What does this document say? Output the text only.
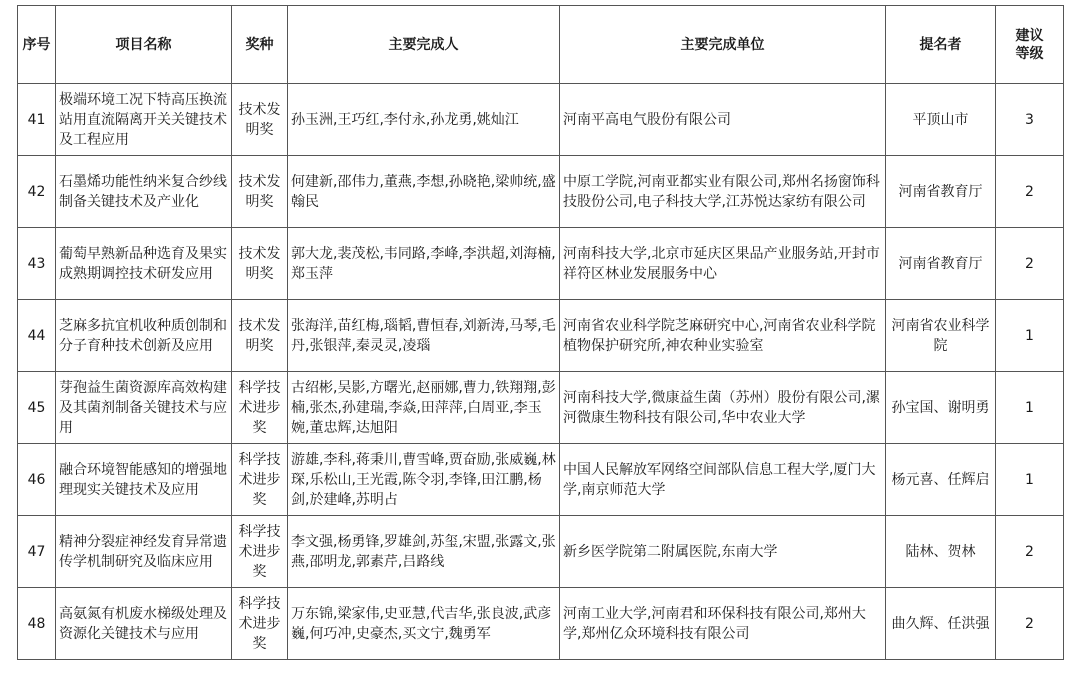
序号	项目名称	奖种	主要完成人	主要完成单位	提名者	建议等级
41	极端环境工况下特高压换流站用直流隔离开关关键技术及工程应用	技术发明奖	孙玉洲,王巧红,李付永,孙龙勇,姚灿江	河南平高电气股份有限公司	平顶山市	3
42	石墨烯功能性纳米复合纱线制备关键技术及产业化	技术发明奖	何建新,邵伟力,董燕,李想,孙晓艳,梁帅统,盛翰民	中原工学院,河南亚都实业有限公司,郑州名扬窗饰科技股份公司,电子科技大学,江苏悦达家纺有限公司	河南省教育厅	2
43	葡萄早熟新品种选育及果实成熟期调控技术研发应用	技术发明奖	郭大龙,裴茂松,韦同路,李峰,李洪超,刘海楠,郑玉萍	河南科技大学,北京市延庆区果品产业服务站,开封市祥符区林业发展服务中心	河南省教育厅	2
44	芝麻多抗宜机收种质创制和分子育种技术创新及应用	技术发明奖	张海洋,苗红梅,瑙韬,曹恒春,刘新涛,马琴,毛丹,张银萍,秦灵灵,凌瑙	河南省农业科学院芝麻研究中心,河南省农业科学院植物保护研究所,神农种业实验室	河南省农业科学院	1
45	芽孢益生菌资源库高效构建及其菌剂制备关键技术与应用	科学技术进步奖	古绍彬,吴影,方曙光,赵丽娜,曹力,铁翔翔,彭楠,张杰,孙建瑞,李焱,田萍萍,白周亚,李玉婉,董忠辉,达旭阳	河南科技大学,微康益生菌（苏州）股份有限公司,漯河微康生物科技有限公司,华中农业大学	孙宝国、谢明勇	1
46	融合环境智能感知的增强地理现实关键技术及应用	科学技术进步奖	游雄,李科,蒋秉川,曹雪峰,贾奋励,张威巍,林琛,乐松山,王光霞,陈令羽,李锋,田江鹏,杨剑,於建峰,苏明占	中国人民解放军网络空间部队信息工程大学,厦门大学,南京师范大学	杨元喜、任辉启	1
47	精神分裂症神经发育异常遗传学机制研究及临床应用	科学技术进步奖	李文强,杨勇锋,罗雄剑,苏玺,宋盟,张露文,张燕,邵明龙,郭素芹,吕路线	新乡医学院第二附属医院,东南大学	陆林、贺林	2
48	高氨氮有机废水梯级处理及资源化关键技术与应用	科学技术进步奖	万东锦,梁家伟,史亚慧,代吉华,张良波,武彦巍,何巧冲,史豪杰,买文宁,魏勇军	河南工业大学,河南君和环保科技有限公司,郑州大学,郑州亿众环境科技有限公司	曲久辉、任洪强	2
